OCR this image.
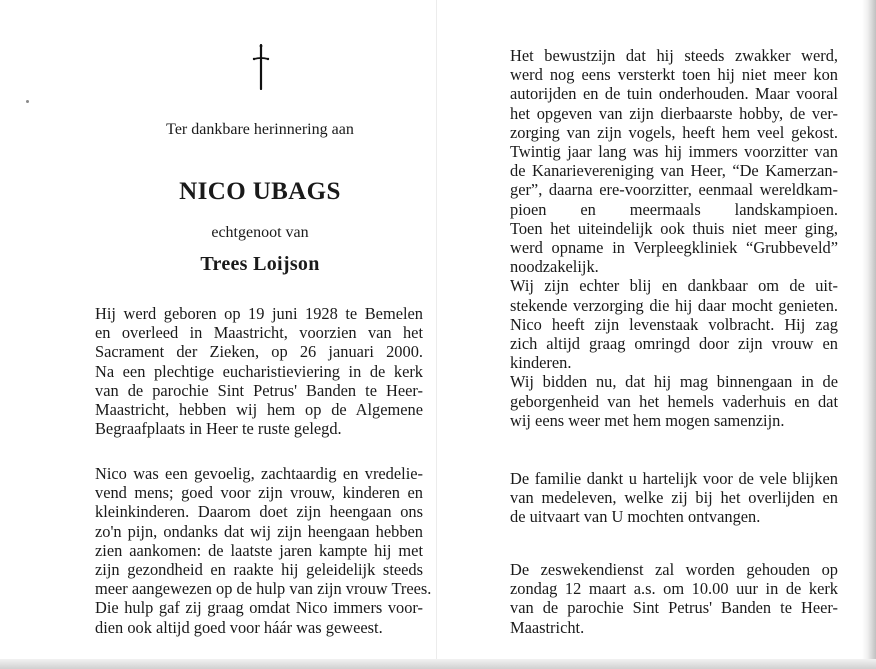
Ter dankbare herinnering aan
NICO UBAGS
echtgenoot van
Trees Loijson
Hij werd geboren op 19 juni 1928 te Bemelen
en overleed in Maastricht, voorzien van het
Sacrament der Zieken, op 26 januari 2000.
Na een plechtige eucharistieviering in de kerk
van de parochie Sint Petrus' Banden te Heer-
Maastricht, hebben wij hem op de Algemene
Begraafplaats in Heer te ruste gelegd.
Nico was een gevoelig, zachtaardig en vredelie-
vend mens; goed voor zijn vrouw, kinderen en
kleinkinderen. Daarom doet zijn heengaan ons
zo'n pijn, ondanks dat wij zijn heengaan hebben
zien aankomen: de laatste jaren kampte hij met
zijn gezondheid en raakte hij geleidelijk steeds
meer aangewezen op de hulp van zijn vrouw Trees.
Die hulp gaf zij graag omdat Nico immers voor-
dien ook altijd goed voor háár was geweest.
Het bewustzijn dat hij steeds zwakker werd,
werd nog eens versterkt toen hij niet meer kon
autorijden en de tuin onderhouden. Maar vooral
het opgeven van zijn dierbaarste hobby, de ver-
zorging van zijn vogels, heeft hem veel gekost.
Twintig jaar lang was hij immers voorzitter van
de Kanarievereniging van Heer, “De Kamerzan-
ger”, daarna ere-voorzitter, eenmaal wereldkam-
pioen en meermaals landskampioen.
Toen het uiteindelijk ook thuis niet meer ging,
werd opname in Verpleegkliniek “Grubbeveld”
noodzakelijk.
Wij zijn echter blij en dankbaar om de uit-
stekende verzorging die hij daar mocht genieten.
Nico heeft zijn levenstaak volbracht. Hij zag
zich altijd graag omringd door zijn vrouw en
kinderen.
Wij bidden nu, dat hij mag binnengaan in de
geborgenheid van het hemels vaderhuis en dat
wij eens weer met hem mogen samenzijn.
De familie dankt u hartelijk voor de vele blijken
van medeleven, welke zij bij het overlijden en
de uitvaart van U mochten ontvangen.
De zeswekendienst zal worden gehouden op
zondag 12 maart a.s. om 10.00 uur in de kerk
van de parochie Sint Petrus' Banden te Heer-
Maastricht.
